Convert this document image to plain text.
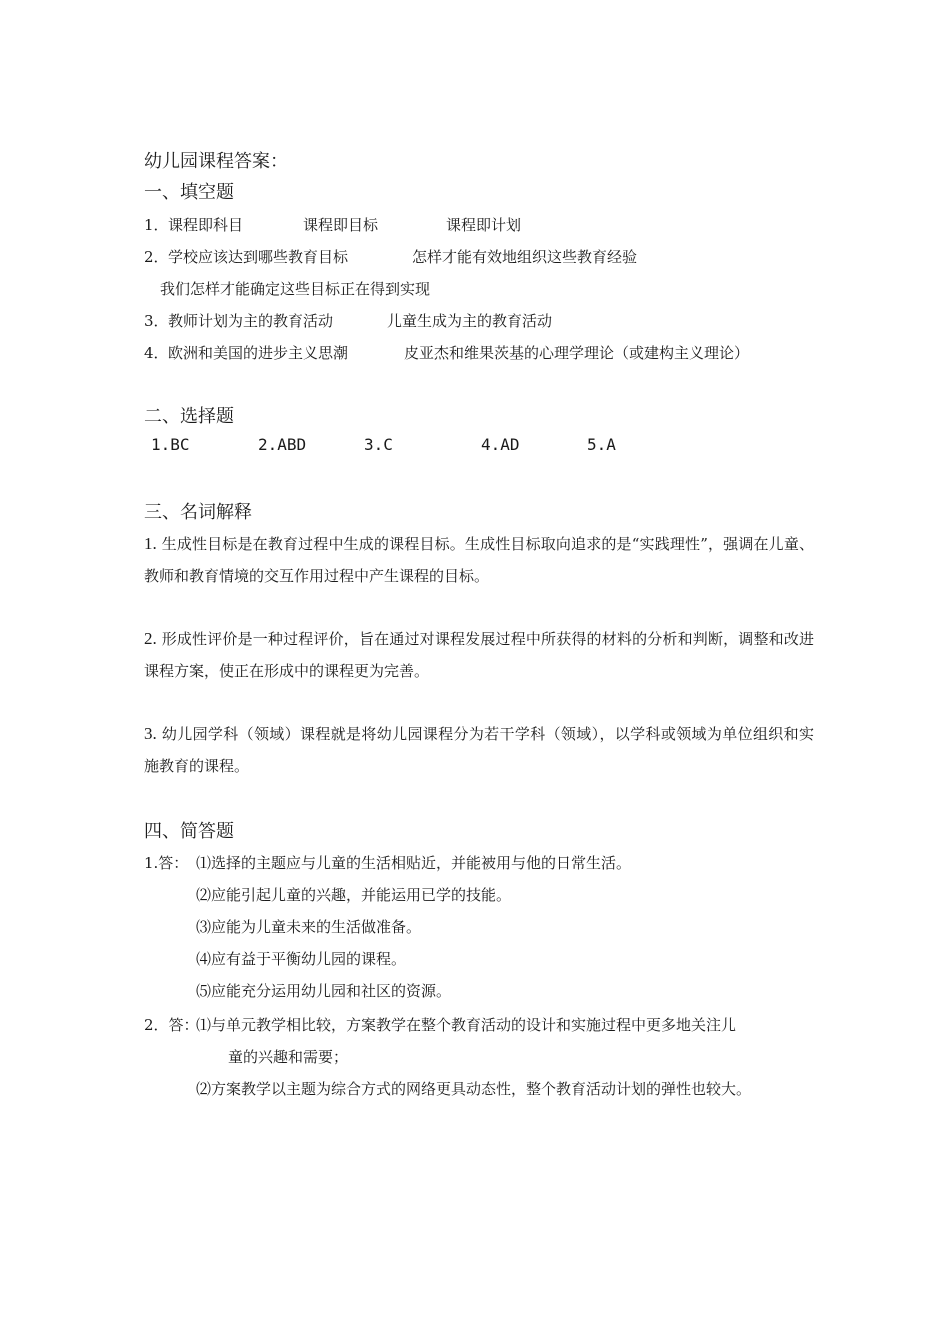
幼儿园课程答案：
一、填空题
1． 课程即科目	课程即目标	课程即计划
2． 学校应该达到哪些教育目标	怎样才能有效地组织这些教育经验
我们怎样才能确定这些目标正在得到实现
3． 教师计划为主的教育活动	儿童生成为主的教育活动
4． 欧洲和美国的进步主义思潮	皮亚杰和维果茨基的心理学理论（或建构主义理论）
二、选择题
1.BC	2.ABD	3.C	4.AD	5.A
三、名词解释
1. 生成性目标是在教育过程中生成的课程目标。生成性目标取向追求的是“实践理性”，强调在儿童、教师和教育情境的交互作用过程中产生课程的目标。
2. 形成性评价是一种过程评价，旨在通过对课程发展过程中所获得的材料的分析和判断，调整和改进课程方案，使正在形成中的课程更为完善。
3. 幼儿园学科（领域）课程就是将幼儿园课程分为若干学科（领域），以学科或领域为单位组织和实施教育的课程。
四、简答题
1.答： ⑴选择的主题应与儿童的生活相贴近，并能被用与他的日常生活。
⑵应能引起儿童的兴趣，并能运用已学的技能。
⑶应能为儿童未来的生活做准备。
⑷应有益于平衡幼儿园的课程。
⑸应能充分运用幼儿园和社区的资源。
2．答：
⑴与单元教学相比较，方案教学在整个教育活动的设计和实施过程中更多地关注儿
童的兴趣和需要；
⑵方案教学以主题为综合方式的网络更具动态性，整个教育活动计划的弹性也较大。
